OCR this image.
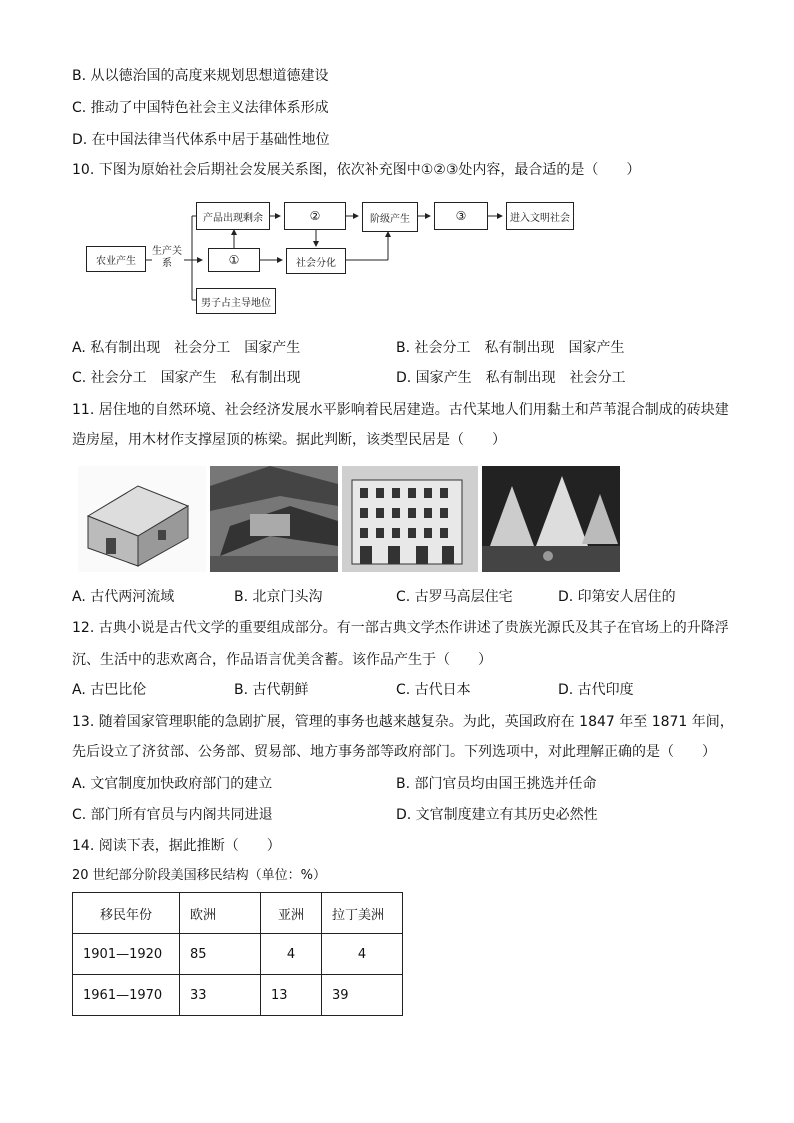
B. 从以德治国的高度来规划思想道德建设
C. 推动了中国特色社会主义法律体系形成
D. 在中国法律当代体系中居于基础性地位
10. 下图为原始社会后期社会发展关系图，依次补充图中①②③处内容，最合适的是（　　）
农业产生
生产关系
产品出现剩余	②	阶级产生	③	进入文明社会
①	社会分化
男子占主导地位
A. 私有制出现　社会分工　国家产生	B. 社会分工　私有制出现　国家产生
C. 社会分工　国家产生　私有制出现	D. 国家产生　私有制出现　社会分工
11. 居住地的自然环境、社会经济发展水平影响着民居建造。古代某地人们用黏土和芦苇混合制成的砖块建
造房屋，用木材作支撑屋顶的栋梁。据此判断，该类型民居是（　　）
A. 古代两河流域	B. 北京门头沟	C. 古罗马高层住宅	D. 印第安人居住的
12. 古典小说是古代文学的重要组成部分。有一部古典文学杰作讲述了贵族光源氏及其子在官场上的升降浮
沉、生活中的悲欢离合，作品语言优美含蓄。该作品产生于（　　）
A. 古巴比伦	B. 古代朝鲜	C. 古代日本	D. 古代印度
13. 随着国家管理职能的急剧扩展，管理的事务也越来越复杂。为此，英国政府在 1847 年至 1871 年间，
先后设立了济贫部、公务部、贸易部、地方事务部等政府部门。下列选项中，对此理解正确的是（　　）
A. 文官制度加快政府部门的建立	B. 部门官员均由国王挑选并任命
C. 部门所有官员与内阁共同进退	D. 文官制度建立有其历史必然性
14. 阅读下表，据此推断（　　）
20 世纪部分阶段美国移民结构（单位：%）
移民年份	欧洲	亚洲	拉丁美洲
1901—1920	85	4	4
1961—1970	33	13	39
